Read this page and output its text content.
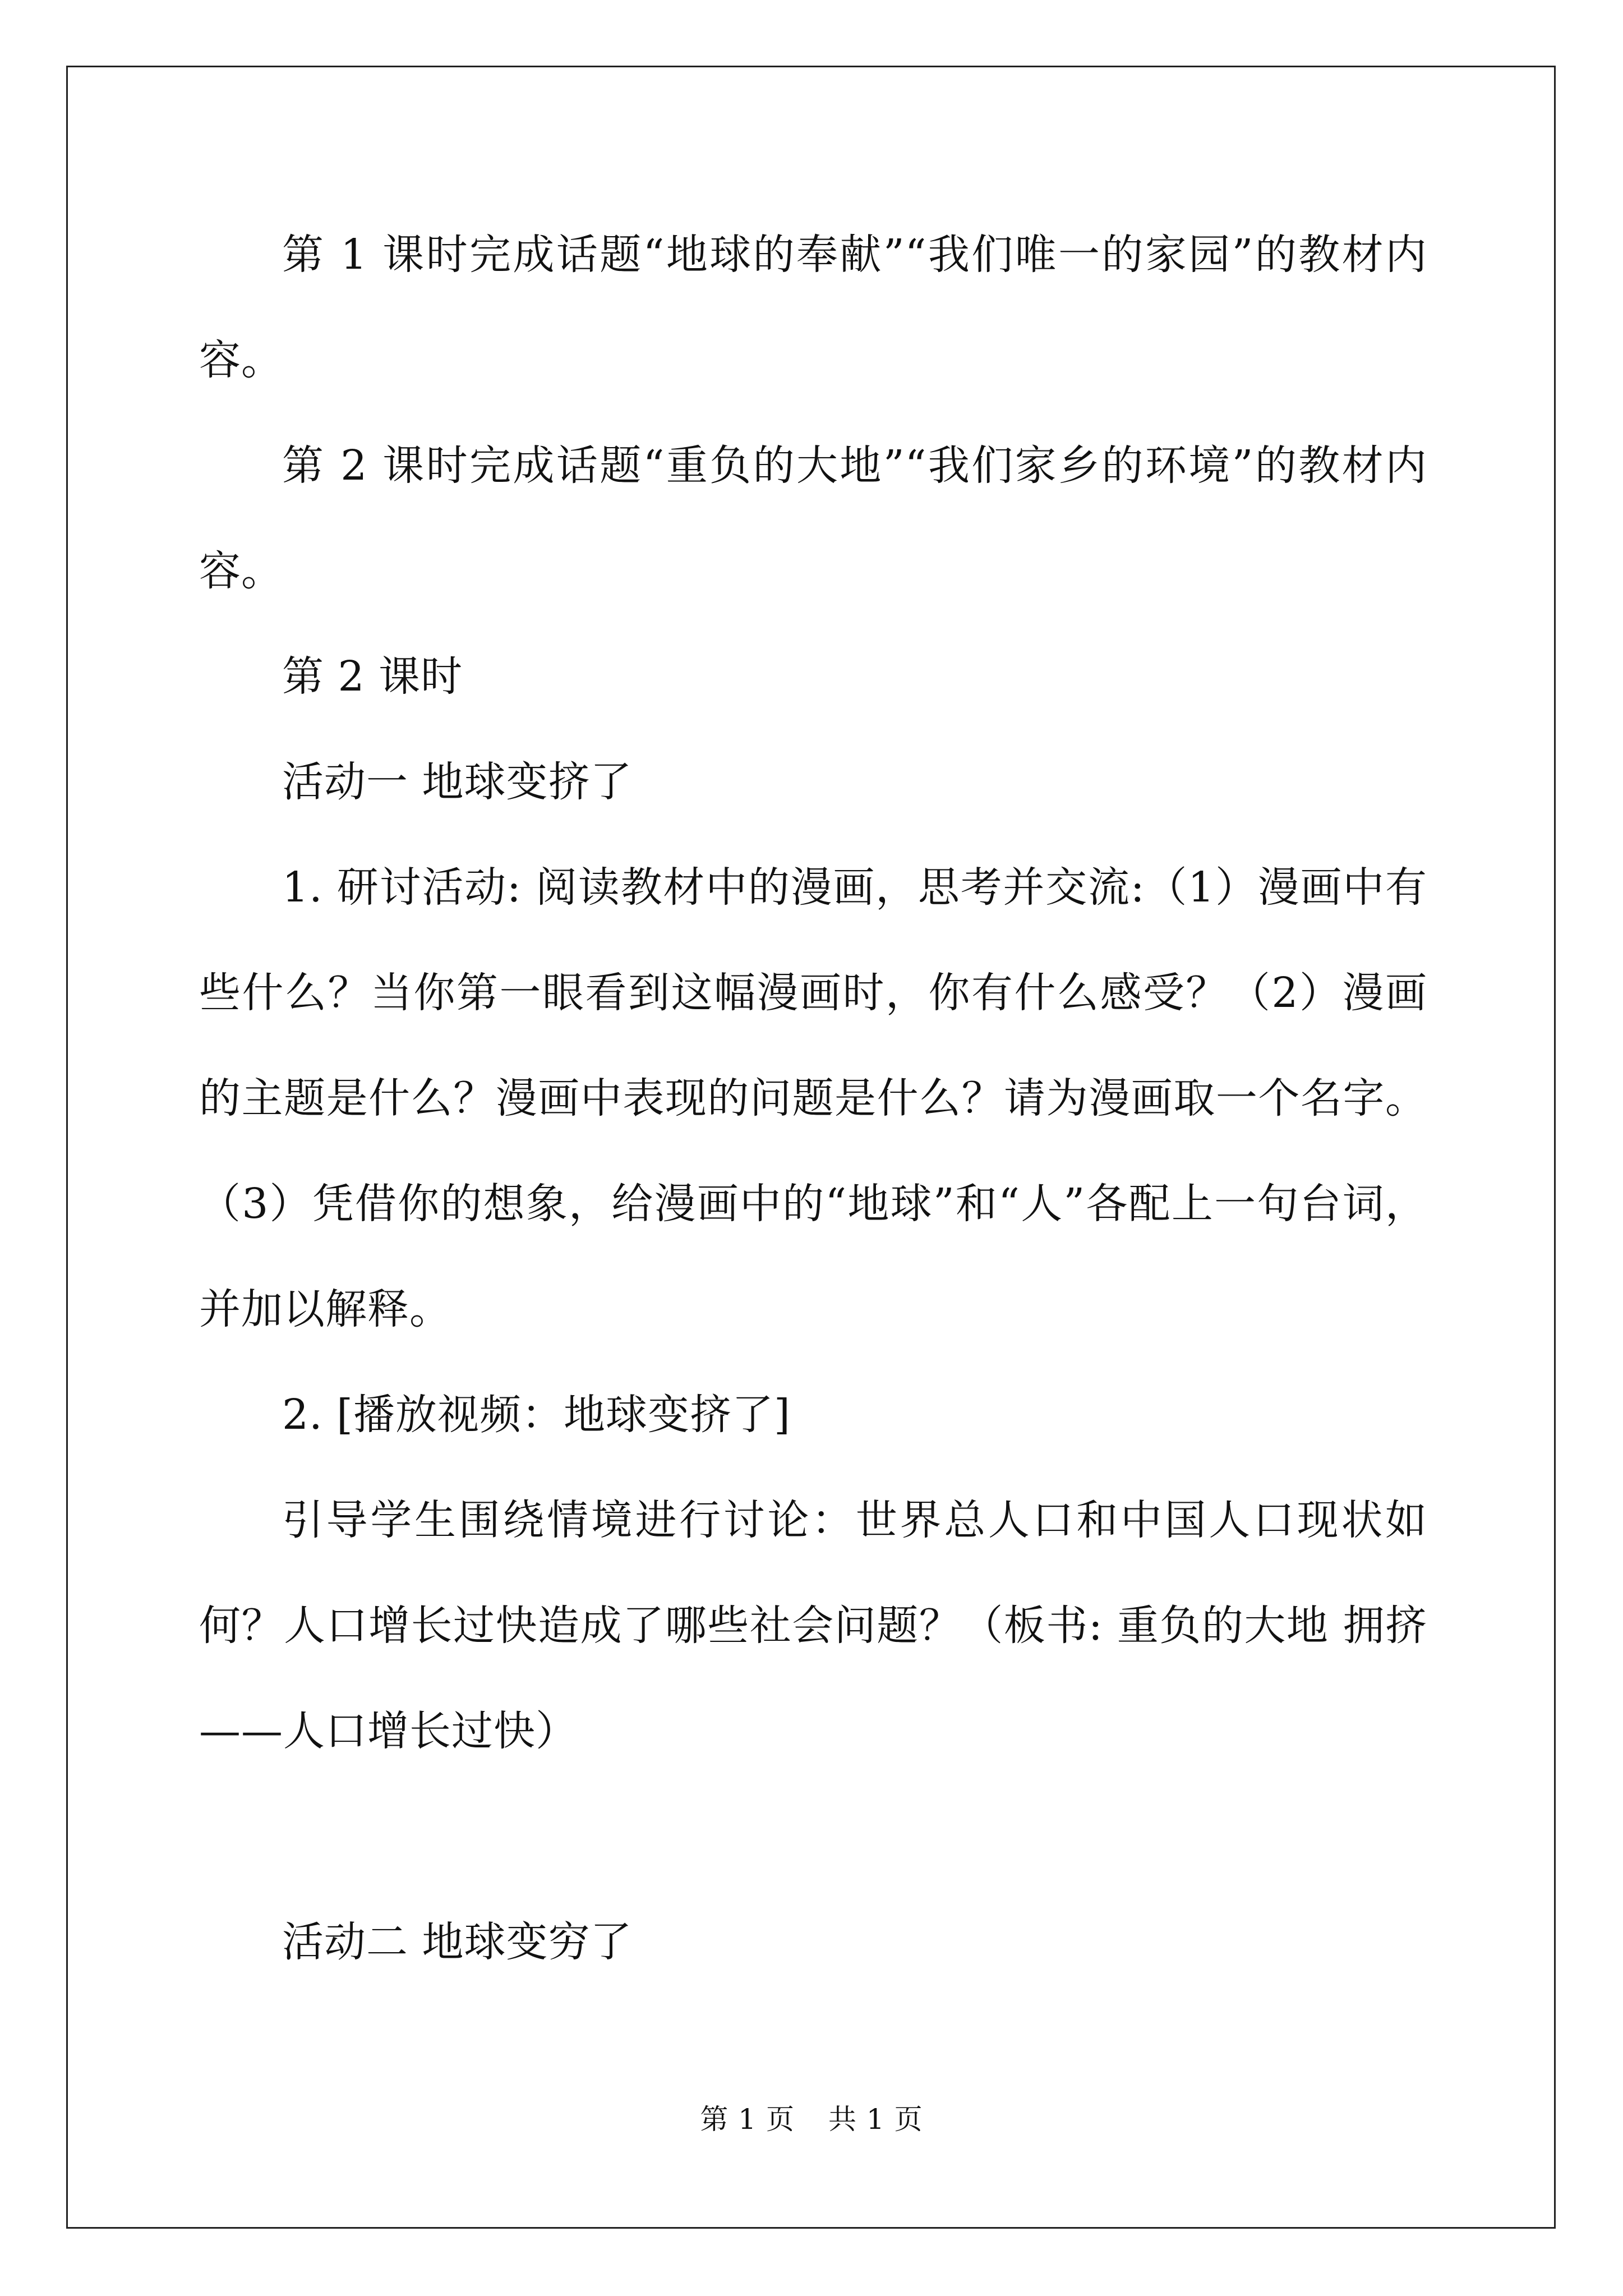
第 1 课时完成话题“地球的奉献”“我们唯一的家园”的教材内容。

第 2 课时完成话题“重负的大地”“我们家乡的环境”的教材内容。

第 2 课时

活动一 地球变挤了

1. 研讨活动: 阅读教材中的漫画，思考并交流:（1）漫画中有些什么？当你第一眼看到这幅漫画时，你有什么感受？（2）漫画的主题是什么？漫画中表现的问题是什么？请为漫画取一个名字。（3）凭借你的想象，给漫画中的“地球”和“人”各配上一句台词，并加以解释。

2. [播放视频：地球变挤了]

引导学生围绕情境进行讨论：世界总人口和中国人口现状如何？人口增长过快造成了哪些社会问题？（板书: 重负的大地 拥挤——人口增长过快）

活动二 地球变穷了

第 1 页 共 1 页
